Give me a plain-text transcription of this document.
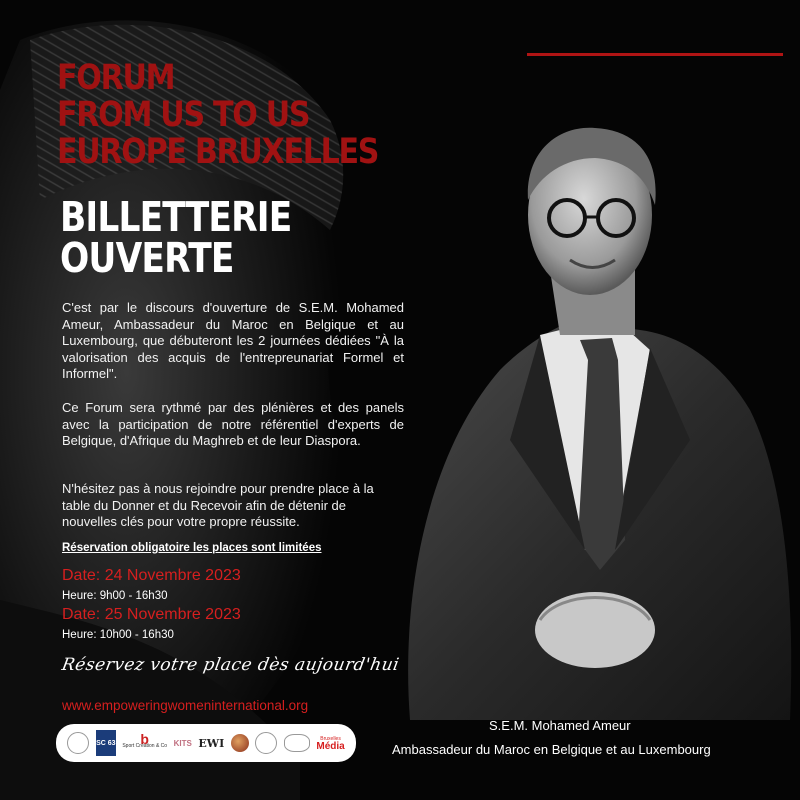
FORUM
FROM US TO US
EUROPE BRUXELLES
BILLETTERIE
OUVERTE

C'est par le discours d'ouverture de S.E.M. Mohamed Ameur, Ambassadeur du Maroc en Belgique et au Luxembourg, que débuteront les 2 journées dédiées "À la valorisation des acquis de l'entrepreunariat Formel et Informel".

Ce Forum sera rythmé par des plénières et des panels avec la participation de notre référentiel d'experts de Belgique, d'Afrique du Maghreb et de leur Diaspora.

N'hésitez pas à nous rejoindre pour prendre place à la table du Donner et du Recevoir afin de détenir de nouvelles clés pour votre propre réussite.

Réservation obligatoire les places sont limitées
Date: 24 Novembre 2023
Heure: 9h00 - 16h30
Date: 25 Novembre 2023
Heure: 10h00 - 16h30
Réservez votre place dès aujourd'hui
www.empoweringwomeninternational.org
SC 63 b
Sport Création & Co KITS EWI	Bruxelles
Média
S.E.M. Mohamed Ameur
Ambassadeur du Maroc en Belgique et au Luxembourg
